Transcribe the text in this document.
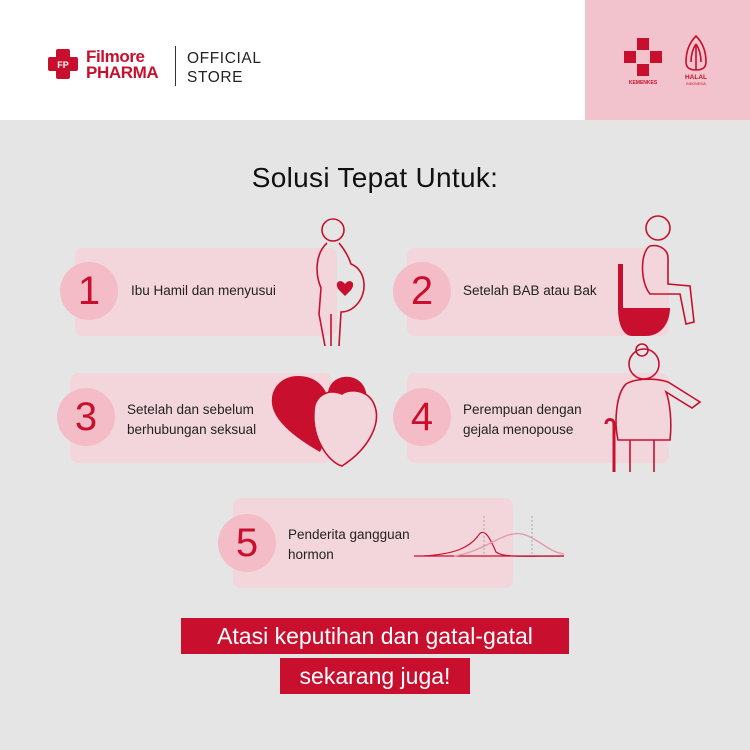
FP Filmore
PHARMA
OFFICIAL
STORE	KEMENKES
HALAL
INDONESIA
Solusi Tepat Untuk:
1	Ibu Hamil dan menyusui	2	Setelah BAB atau Bak
3	Setelah dan sebelum
berhubungan seksual	4	Perempuan dengan
gejala menopouse
5	Penderita gangguan
hormon
Atasi keputihan dan gatal-gatal
sekarang juga!
